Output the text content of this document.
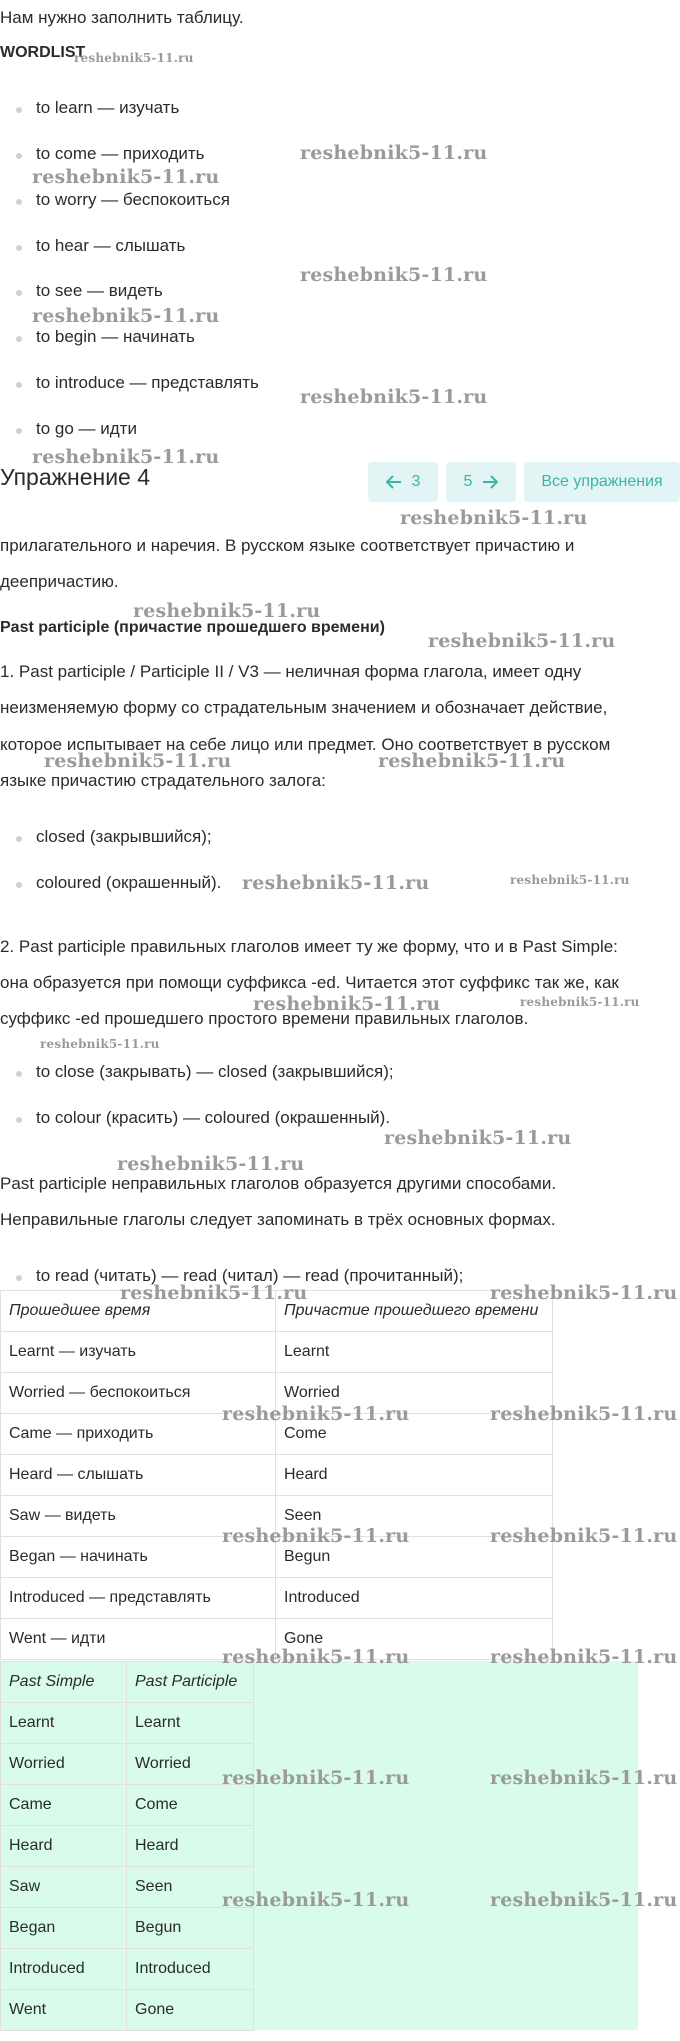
Нам нужно заполнить таблицу.
WORDLIST
to learn — изучать
to come — приходить
to worry — беспокоиться
to hear — слышать
to see — видеть
to begin — начинать
to introduce — представлять
to go — идти
Упражнение 4	3	5	Все упражнения
прилагательного и наречия. В русском языке соответствует причастию и
деепричастию.
Past participle (причастие прошедшего времени)
1. Past participle / Participle II / V3 — неличная форма глагола, имеет одну
неизменяемую форму со страдательным значением и обозначает действие,
которое испытывает на себе лицо или предмет. Оно соответствует в русском
языке причастию страдательного залога:
closed (закрывшийся);
coloured (окрашенный).
2. Past participle правильных глаголов имеет ту же форму, что и в Past Simple:
она образуется при помощи суффикса -ed. Читается этот суффикс так же, как
суффикс -ed прошедшего простого времени правильных глаголов.
to close (закрывать) — closed (закрывшийся);
to colour (красить) — coloured (окрашенный).
Past participle неправильных глаголов образуется другими способами.
Неправильные глаголы следует запоминать в трёх основных формах.
to read (читать) — read (читал) — read (прочитанный);
Прошедшее время	Причастие прошедшего времени
Learnt — изучать	Learnt
Worried — беспокоиться	Worried
Came — приходить	Come
Heard — слышать	Heard
Saw — видеть	Seen
Began — начинать	Begun
Introduced — представлять	Introduced
Went — идти	Gone
Past Simple	Past Participle
Learnt	Learnt
Worried	Worried
Came	Come
Heard	Heard
Saw	Seen
Began	Begun
Introduced	Introduced
Went	Gone
reshebnik5-11.ru
reshebnik5-11.ru
reshebnik5-11.ru
reshebnik5-11.ru
reshebnik5-11.ru
reshebnik5-11.ru
reshebnik5-11.ru
reshebnik5-11.ru
reshebnik5-11.ru
reshebnik5-11.ru
reshebnik5-11.ru	reshebnik5-11.ru
reshebnik5-11.ru	reshebnik5-11.ru
reshebnik5-11.ru	reshebnik5-11.ru
reshebnik5-11.ru
reshebnik5-11.ru
reshebnik5-11.ru
reshebnik5-11.ru	reshebnik5-11.ru
reshebnik5-11.ru	reshebnik5-11.ru
reshebnik5-11.ru	reshebnik5-11.ru
reshebnik5-11.ru	reshebnik5-11.ru
reshebnik5-11.ru	reshebnik5-11.ru
reshebnik5-11.ru	reshebnik5-11.ru
